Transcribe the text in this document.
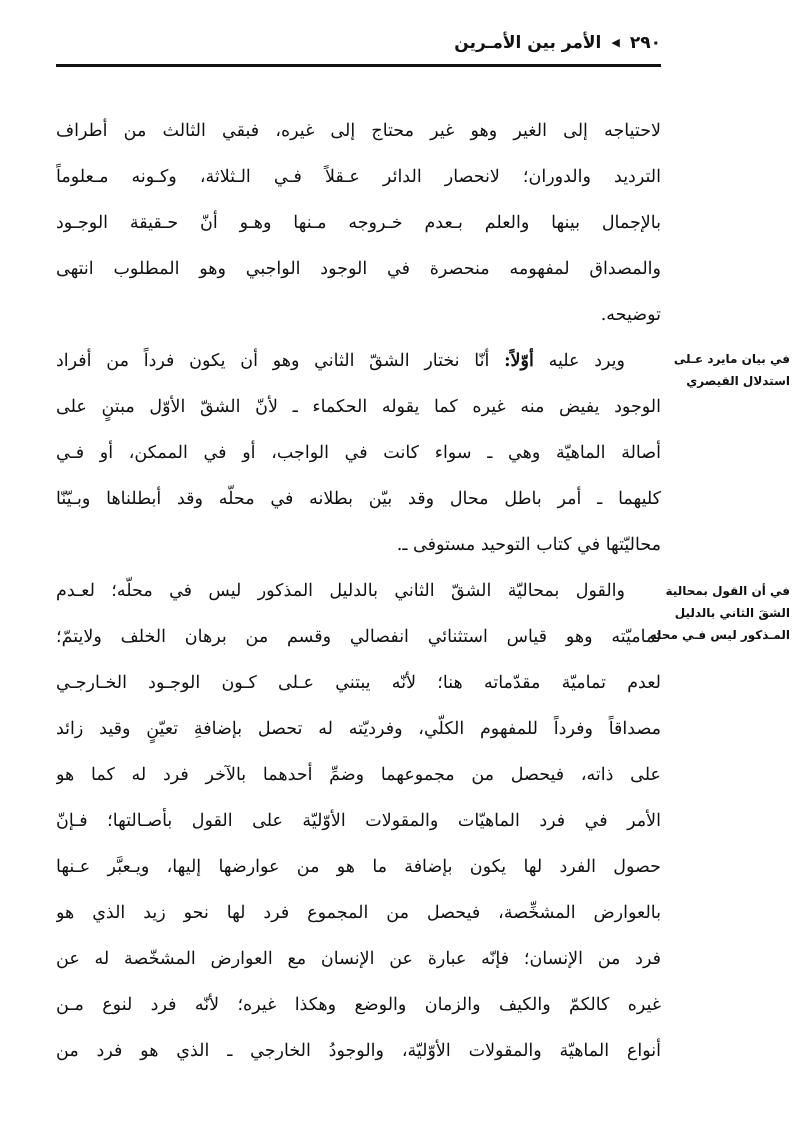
٢٩٠◀الأمر بين الأمـرين
في بيان مايرد عـلى استدلال القيصري
في أن القول بمحالية الشقَ الثاني بالدليل المـذكور ليس فـي محله
لاحتياجه إلى الغير وهو غير محتاج إلى غيره، فبقي الثالث من أطراف
الترديد والدوران؛ لانحصار الدائر عـقلاً فـي الـثلاثة، وكـونه مـعلوماً
بالإجمال بينها والعلم بـعدم خـروجه مـنها وهـو أنّ حـقيقة الوجـود
والمصداق لمفهومه منحصرة في الوجود الواجبي وهو المطلوب انتهى
توضيحه.
ويرد عليه أوّلاً: أنّا نختار الشقّ الثاني وهو أن يكون فرداً من أفراد
الوجود يفيض منه غيره كما يقوله الحكماء ـ لأنّ الشقّ الأوّل مبتنٍ على
أصالة الماهيّة وهي ـ سواء كانت في الواجب، أو في الممكن، أو فـي
كليهما ـ أمر باطل محال وقد بيّن بطلانه في محلّه وقد أبطلناها وبـيّنّا
محاليّتها في كتاب التوحيد مستوفى ـ.
والقول بمحاليّة الشقّ الثاني بالدليل المذكور ليس في محلّه؛ لعـدم
تماميّته وهو قياس استثنائي انفصالي وقسم من برهان الخلف ولايتمّ؛
لعدم تماميّة مقدّماته هنا؛ لأنّه يبتني عـلى كـون الوجـود الخـارجـي
مصداقاً وفرداً للمفهوم الكلّي، وفرديّته له تحصل بإضافةِ تعيّنٍ وقيد زائد
على ذاته، فيحصل من مجموعهما وضمِّ أحدهما بالآخر فرد له كما هو
الأمر في فرد الماهيّات والمقولات الأوّليّة على القول بأصـالتها؛ فـإنّ
حصول الفرد لها يكون بإضافة ما هو من عوارضها إليها، ويـعبَّر عـنها
بالعوارض المشخِّصة، فيحصل من المجموع فرد لها نحو زيد الذي هو
فرد من الإنسان؛ فإنّه عبارة عن الإنسان مع العوارض المشخّصة له عن
غيره كالكمّ والكيف والزمان والوضع وهكذا غيره؛ لأنّه فرد لنوع مـن
أنواع الماهيّة والمقولات الأوّليّة، والوجودُ الخارجي ـ الذي هو فرد من
